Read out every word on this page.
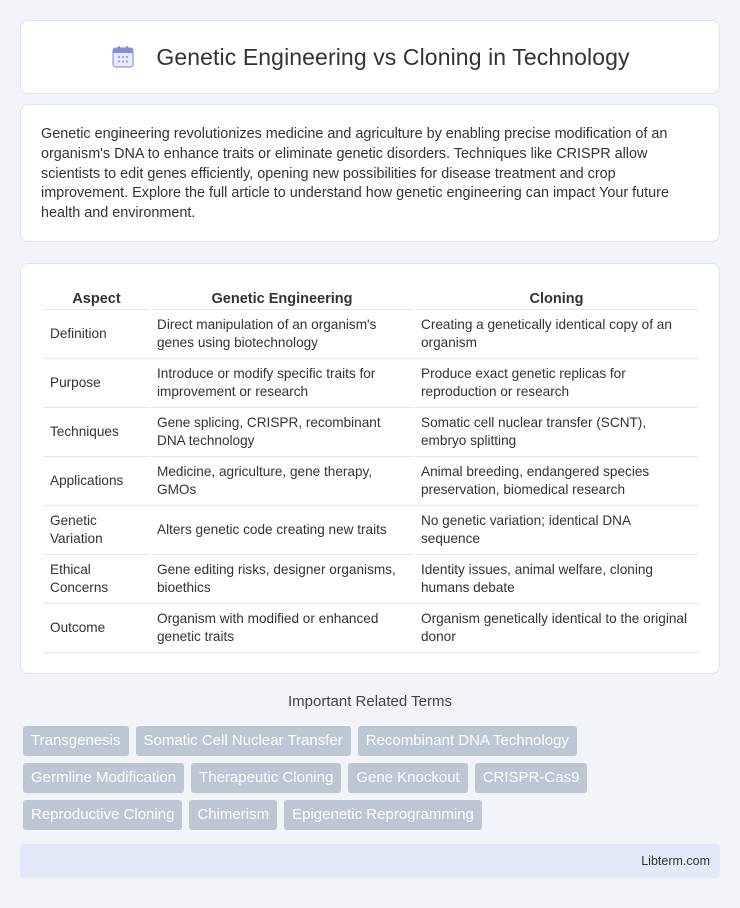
Genetic Engineering vs Cloning in Technology

Genetic engineering revolutionizes medicine and agriculture by enabling precise modification of an organism's DNA to enhance traits or eliminate genetic disorders. Techniques like CRISPR allow scientists to edit genes efficiently, opening new possibilities for disease treatment and crop improvement. Explore the full article to understand how genetic engineering can impact Your future health and environment.

Aspect	Genetic Engineering	Cloning
Definition	Direct manipulation of an organism's genes using biotechnology	Creating a genetically identical copy of an organism
Purpose	Introduce or modify specific traits for improvement or research	Produce exact genetic replicas for reproduction or research
Techniques	Gene splicing, CRISPR, recombinant DNA technology	Somatic cell nuclear transfer (SCNT), embryo splitting
Applications	Medicine, agriculture, gene therapy, GMOs	Animal breeding, endangered species preservation, biomedical research
Genetic Variation	Alters genetic code creating new traits	No genetic variation; identical DNA sequence
Ethical Concerns	Gene editing risks, designer organisms, bioethics	Identity issues, animal welfare, cloning humans debate
Outcome	Organism with modified or enhanced genetic traits	Organism genetically identical to the original donor
Important Related Terms
Transgenesis	Somatic Cell Nuclear Transfer	Recombinant DNA Technology
Germline Modification	Therapeutic Cloning	Gene Knockout	CRISPR-Cas9
Reproductive Cloning	Chimerism	Epigenetic Reprogramming
Libterm.com
